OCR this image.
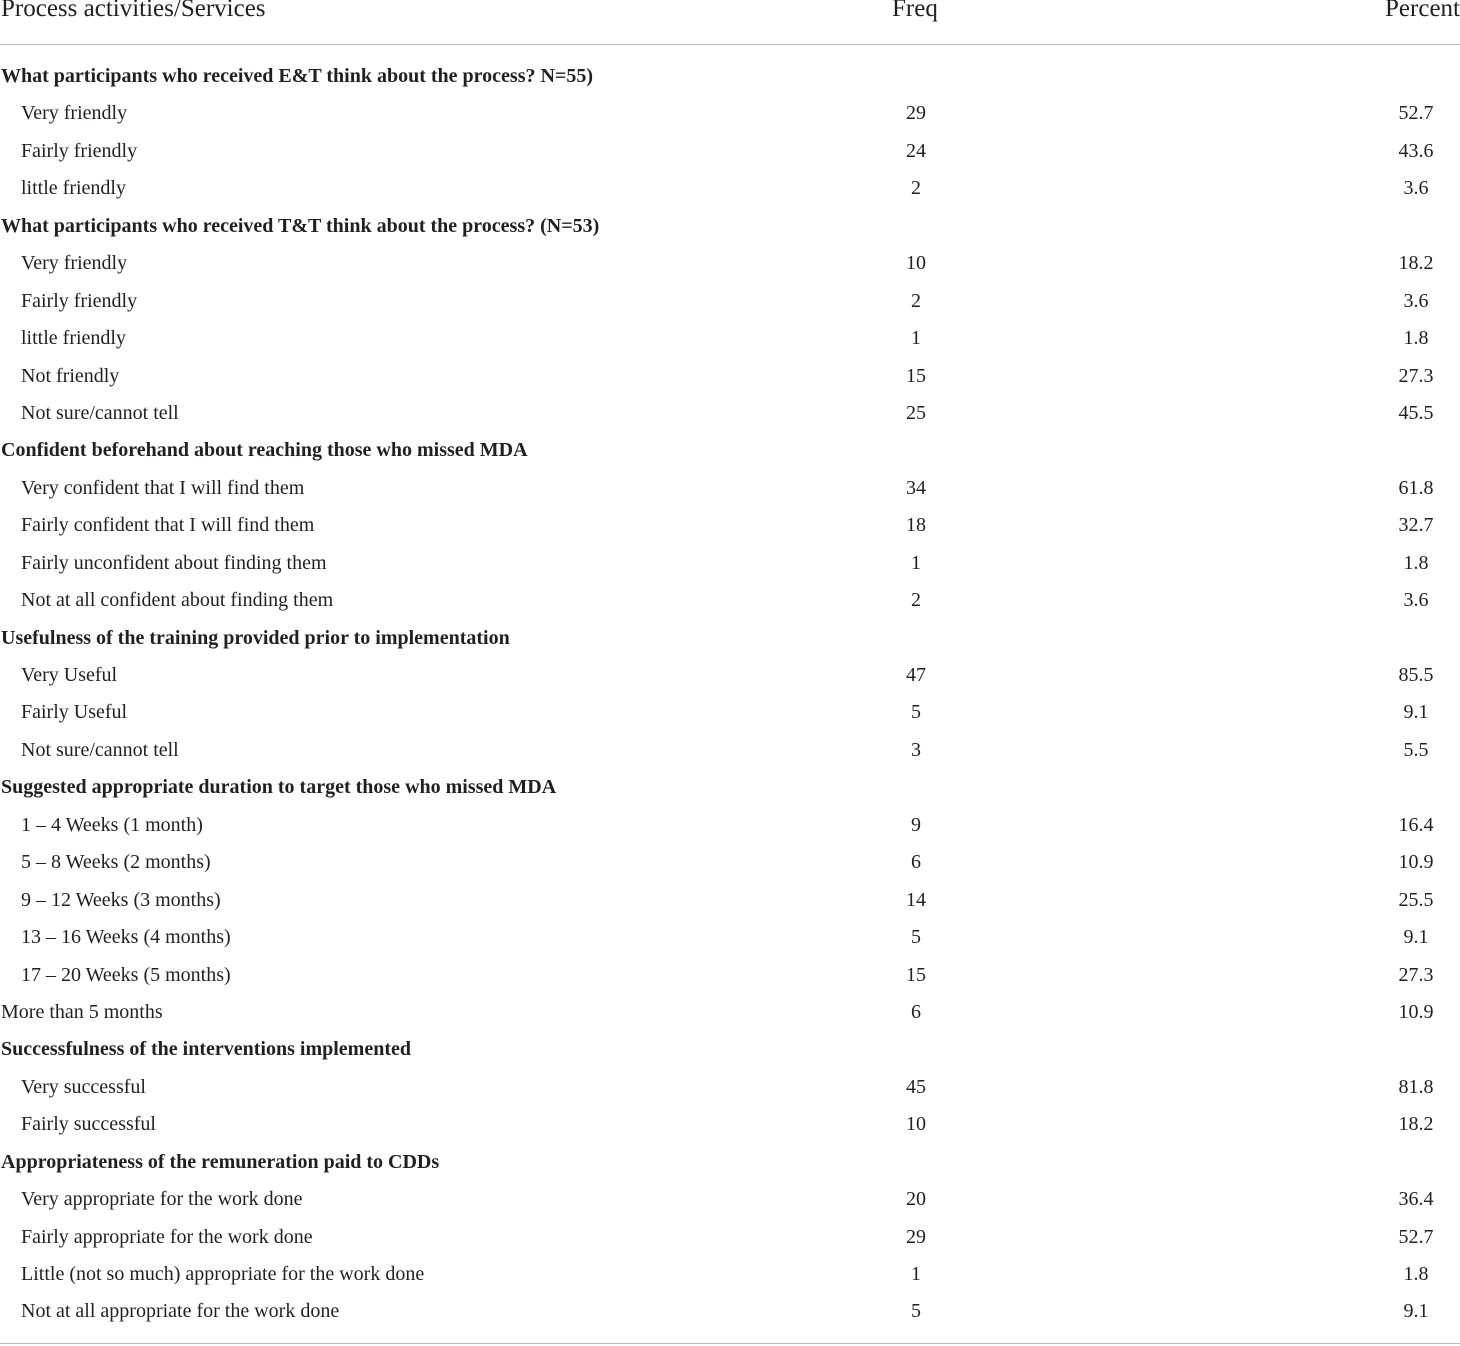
Process activities/Services	Freq	Percent
What participants who received E&T think about the process? N=55)
Very friendly	29	52.7
Fairly friendly	24	43.6
little friendly	2	3.6
What participants who received T&T think about the process? (N=53)
Very friendly	10	18.2
Fairly friendly	2	3.6
little friendly	1	1.8
Not friendly	15	27.3
Not sure/cannot tell	25	45.5
Confident beforehand about reaching those who missed MDA
Very confident that I will find them	34	61.8
Fairly confident that I will find them	18	32.7
Fairly unconfident about finding them	1	1.8
Not at all confident about finding them	2	3.6
Usefulness of the training provided prior to implementation
Very Useful	47	85.5
Fairly Useful	5	9.1
Not sure/cannot tell	3	5.5
Suggested appropriate duration to target those who missed MDA
1 – 4 Weeks (1 month)	9	16.4
5 – 8 Weeks (2 months)	6	10.9
9 – 12 Weeks (3 months)	14	25.5
13 – 16 Weeks (4 months)	5	9.1
17 – 20 Weeks (5 months)	15	27.3
More than 5 months	6	10.9
Successfulness of the interventions implemented
Very successful	45	81.8
Fairly successful	10	18.2
Appropriateness of the remuneration paid to CDDs
Very appropriate for the work done	20	36.4
Fairly appropriate for the work done	29	52.7
Little (not so much) appropriate for the work done	1	1.8
Not at all appropriate for the work done	5	9.1
